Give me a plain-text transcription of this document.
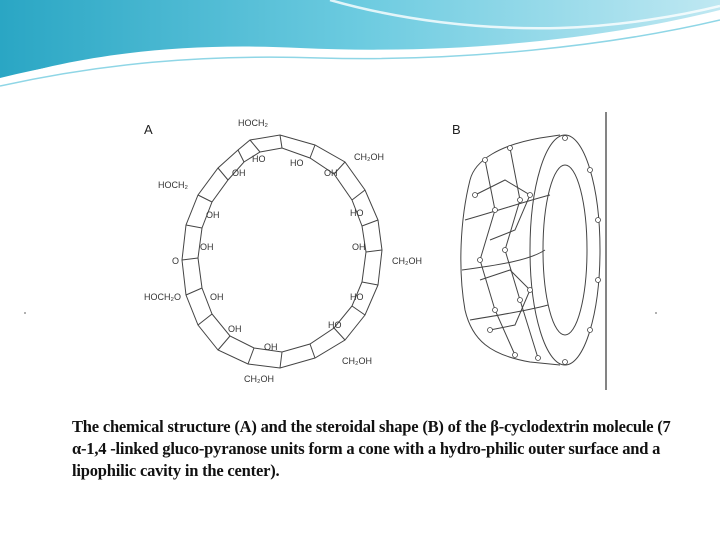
A	HOCH₂
HO	HO
CH₂OH
OH
HOCH₂
OH
OH
OH
O	CH₂OH
HOCH₂O	OH
HO
OH
HO
OH	HO
CH₂OH
CH₂OH
OH
B
The chemical structure (A) and the steroidal shape (B) of the β-cyclodextrin molecule (7 α-1,4 -linked gluco-pyranose units form a cone with a hydro-philic outer surface and a lipophilic cavity in the center).
